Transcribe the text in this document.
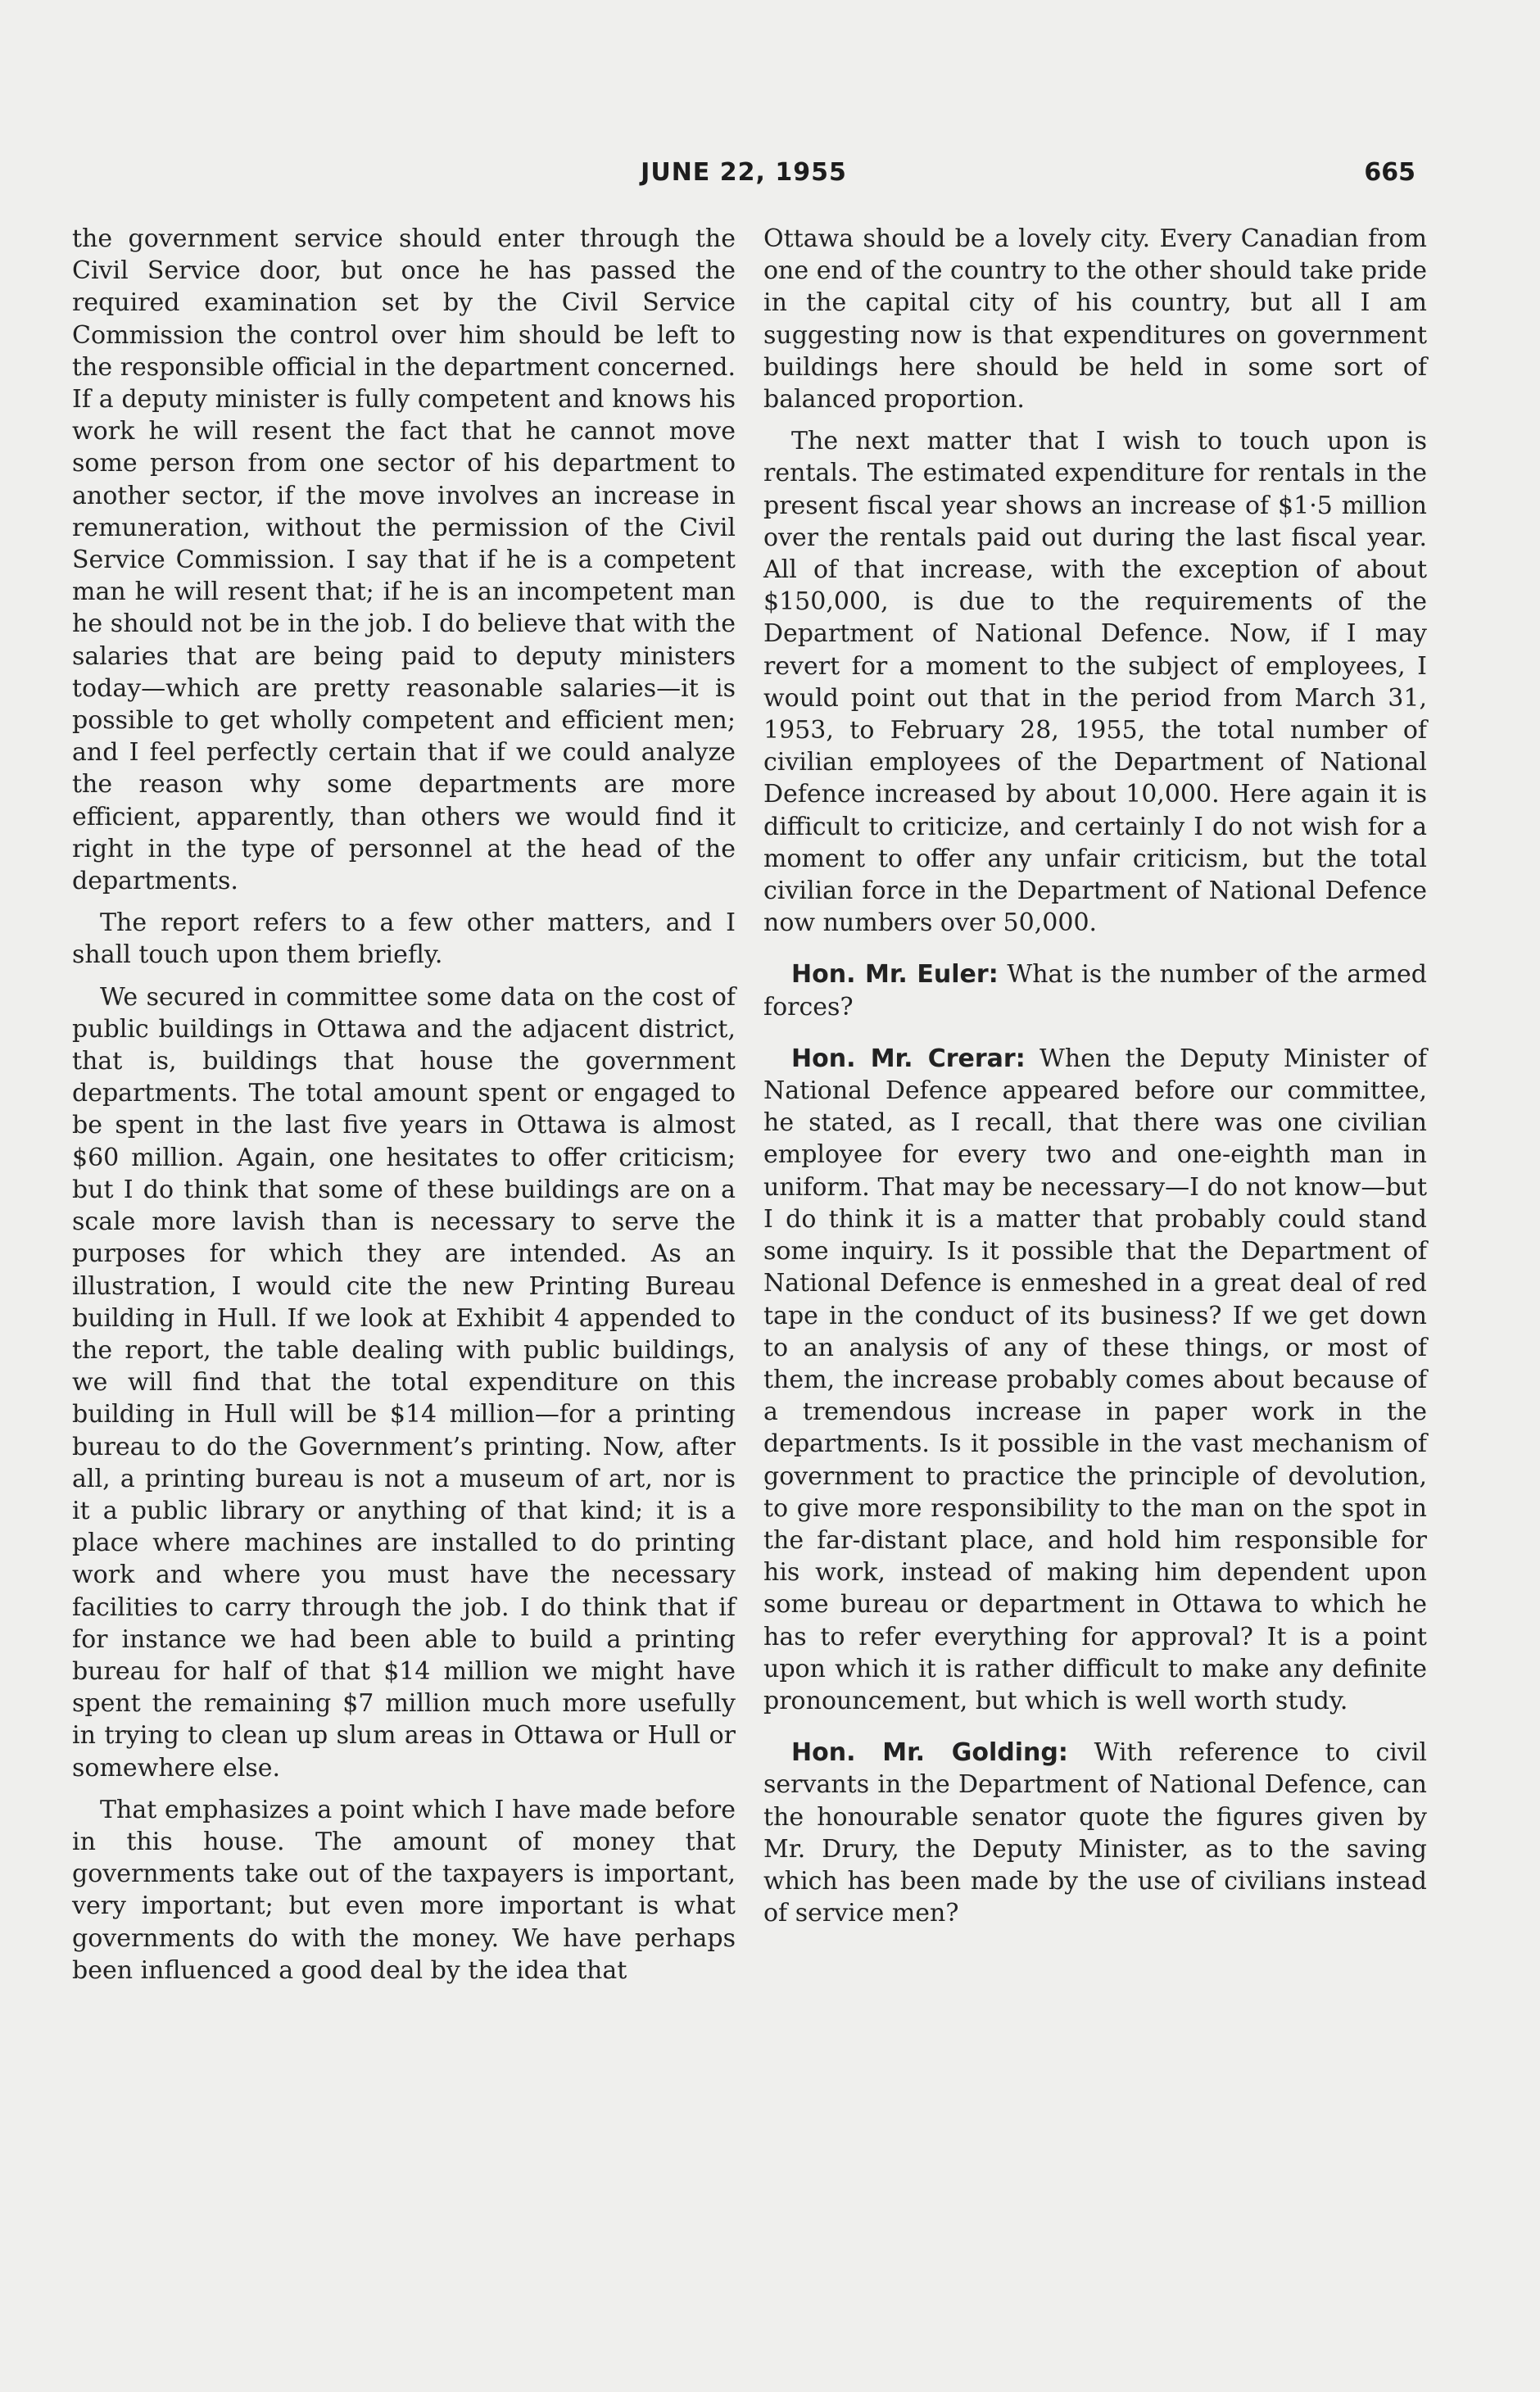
JUNE 22, 1955	665

the government service should enter through the Civil Service door, but once he has passed the required examination set by the Civil Service Commission the control over him should be left to the responsible official in the department concerned. If a deputy minister is fully competent and knows his work he will resent the fact that he cannot move some person from one sector of his department to another sector, if the move involves an increase in remuneration, without the permission of the Civil Service Commission. I say that if he is a competent man he will resent that; if he is an incompetent man he should not be in the job. I do believe that with the salaries that are being paid to deputy ministers today—which are pretty reasonable salaries—it is possible to get wholly competent and efficient men; and I feel perfectly certain that if we could analyze the reason why some departments are more efficient, apparently, than others we would find it right in the type of personnel at the head of the departments.

The report refers to a few other matters, and I shall touch upon them briefly.

We secured in committee some data on the cost of public buildings in Ottawa and the adjacent district, that is, buildings that house the government departments. The total amount spent or engaged to be spent in the last five years in Ottawa is almost $60 million. Again, one hesitates to offer criticism; but I do think that some of these buildings are on a scale more lavish than is necessary to serve the purposes for which they are intended. As an illustration, I would cite the new Printing Bureau building in Hull. If we look at Exhibit 4 appended to the report, the table dealing with public buildings, we will find that the total expenditure on this building in Hull will be $14 million—for a printing bureau to do the Government’s printing. Now, after all, a printing bureau is not a museum of art, nor is it a public library or anything of that kind; it is a place where machines are installed to do printing work and where you must have the necessary facilities to carry through the job. I do think that if for instance we had been able to build a printing bureau for half of that $14 million we might have spent the remaining $7 million much more usefully in trying to clean up slum areas in Ottawa or Hull or somewhere else.

That emphasizes a point which I have made before in this house. The amount of money that governments take out of the taxpayers is important, very important; but even more important is what governments do with the money. We have perhaps been influenced a good deal by the idea that

Ottawa should be a lovely city. Every Canadian from one end of the country to the other should take pride in the capital city of his country, but all I am suggesting now is that expenditures on government buildings here should be held in some sort of balanced proportion.

The next matter that I wish to touch upon is rentals. The estimated expenditure for rentals in the present fiscal year shows an increase of $1·5 million over the rentals paid out during the last fiscal year. All of that increase, with the exception of about $150,000, is due to the requirements of the Department of National Defence. Now, if I may revert for a moment to the subject of employees, I would point out that in the period from March 31, 1953, to February 28, 1955, the total number of civilian employees of the Department of National Defence increased by about 10,000. Here again it is difficult to criticize, and certainly I do not wish for a moment to offer any unfair criticism, but the total civilian force in the Department of National Defence now numbers over 50,000.

Hon. Mr. Euler: What is the number of the armed forces?

Hon. Mr. Crerar: When the Deputy Minister of National Defence appeared before our committee, he stated, as I recall, that there was one civilian employee for every two and one-eighth man in uniform. That may be necessary—I do not know—but I do think it is a matter that probably could stand some inquiry. Is it possible that the Department of National Defence is enmeshed in a great deal of red tape in the conduct of its business? If we get down to an analysis of any of these things, or most of them, the increase probably comes about because of a tremendous increase in paper work in the departments. Is it possible in the vast mechanism of government to practice the principle of devolution, to give more responsibility to the man on the spot in the far-distant place, and hold him responsible for his work, instead of making him dependent upon some bureau or department in Ottawa to which he has to refer everything for approval? It is a point upon which it is rather difficult to make any definite pronouncement, but which is well worth study.

Hon. Mr. Golding: With reference to civil servants in the Department of National Defence, can the honourable senator quote the figures given by Mr. Drury, the Deputy Minister, as to the saving which has been made by the use of civilians instead of service men?
